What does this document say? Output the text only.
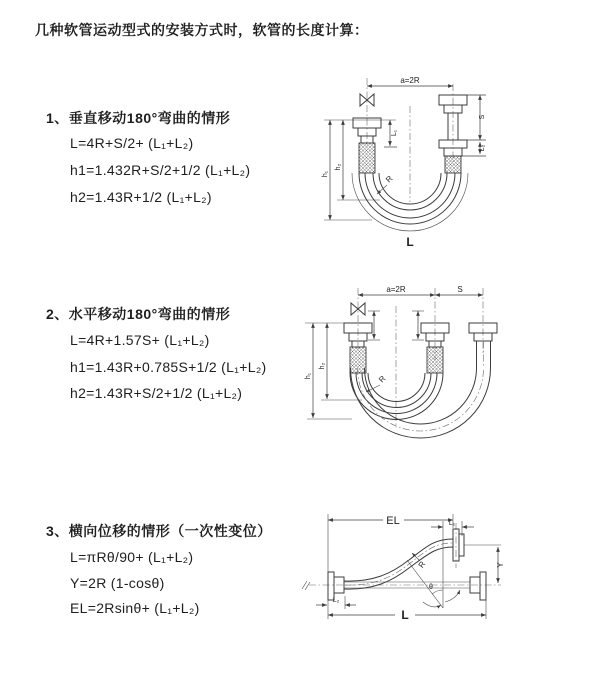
几种软管运动型式的安装方式时，软管的长度计算：
1、垂直移动180°弯曲的情形
L=4R+S/2+ (L₁+L₂)
h1=1.432R+S/2+1/2 (L₁+L₂)
h2=1.43R+1/2 (L₁+L₂)
a=2R
L₁
h₁
h₂
L
R
S
L₂
2、水平移动180°弯曲的情形
L=4R+1.57S+ (L₁+L₂)
h1=1.43R+0.785S+1/2 (L₁+L₂)
h2=1.43R+S/2+1/2 (L₁+L₂)
a=2R	S
h₂
h₁	R
3、横向位移的情形（一次性变位）
L=πRθ/90+ (L₁+L₂)
Y=2R (1-cosθ)
EL=2Rsinθ+ (L₁+L₂)
EL	L₁
Y
θ
R
L₂
L
